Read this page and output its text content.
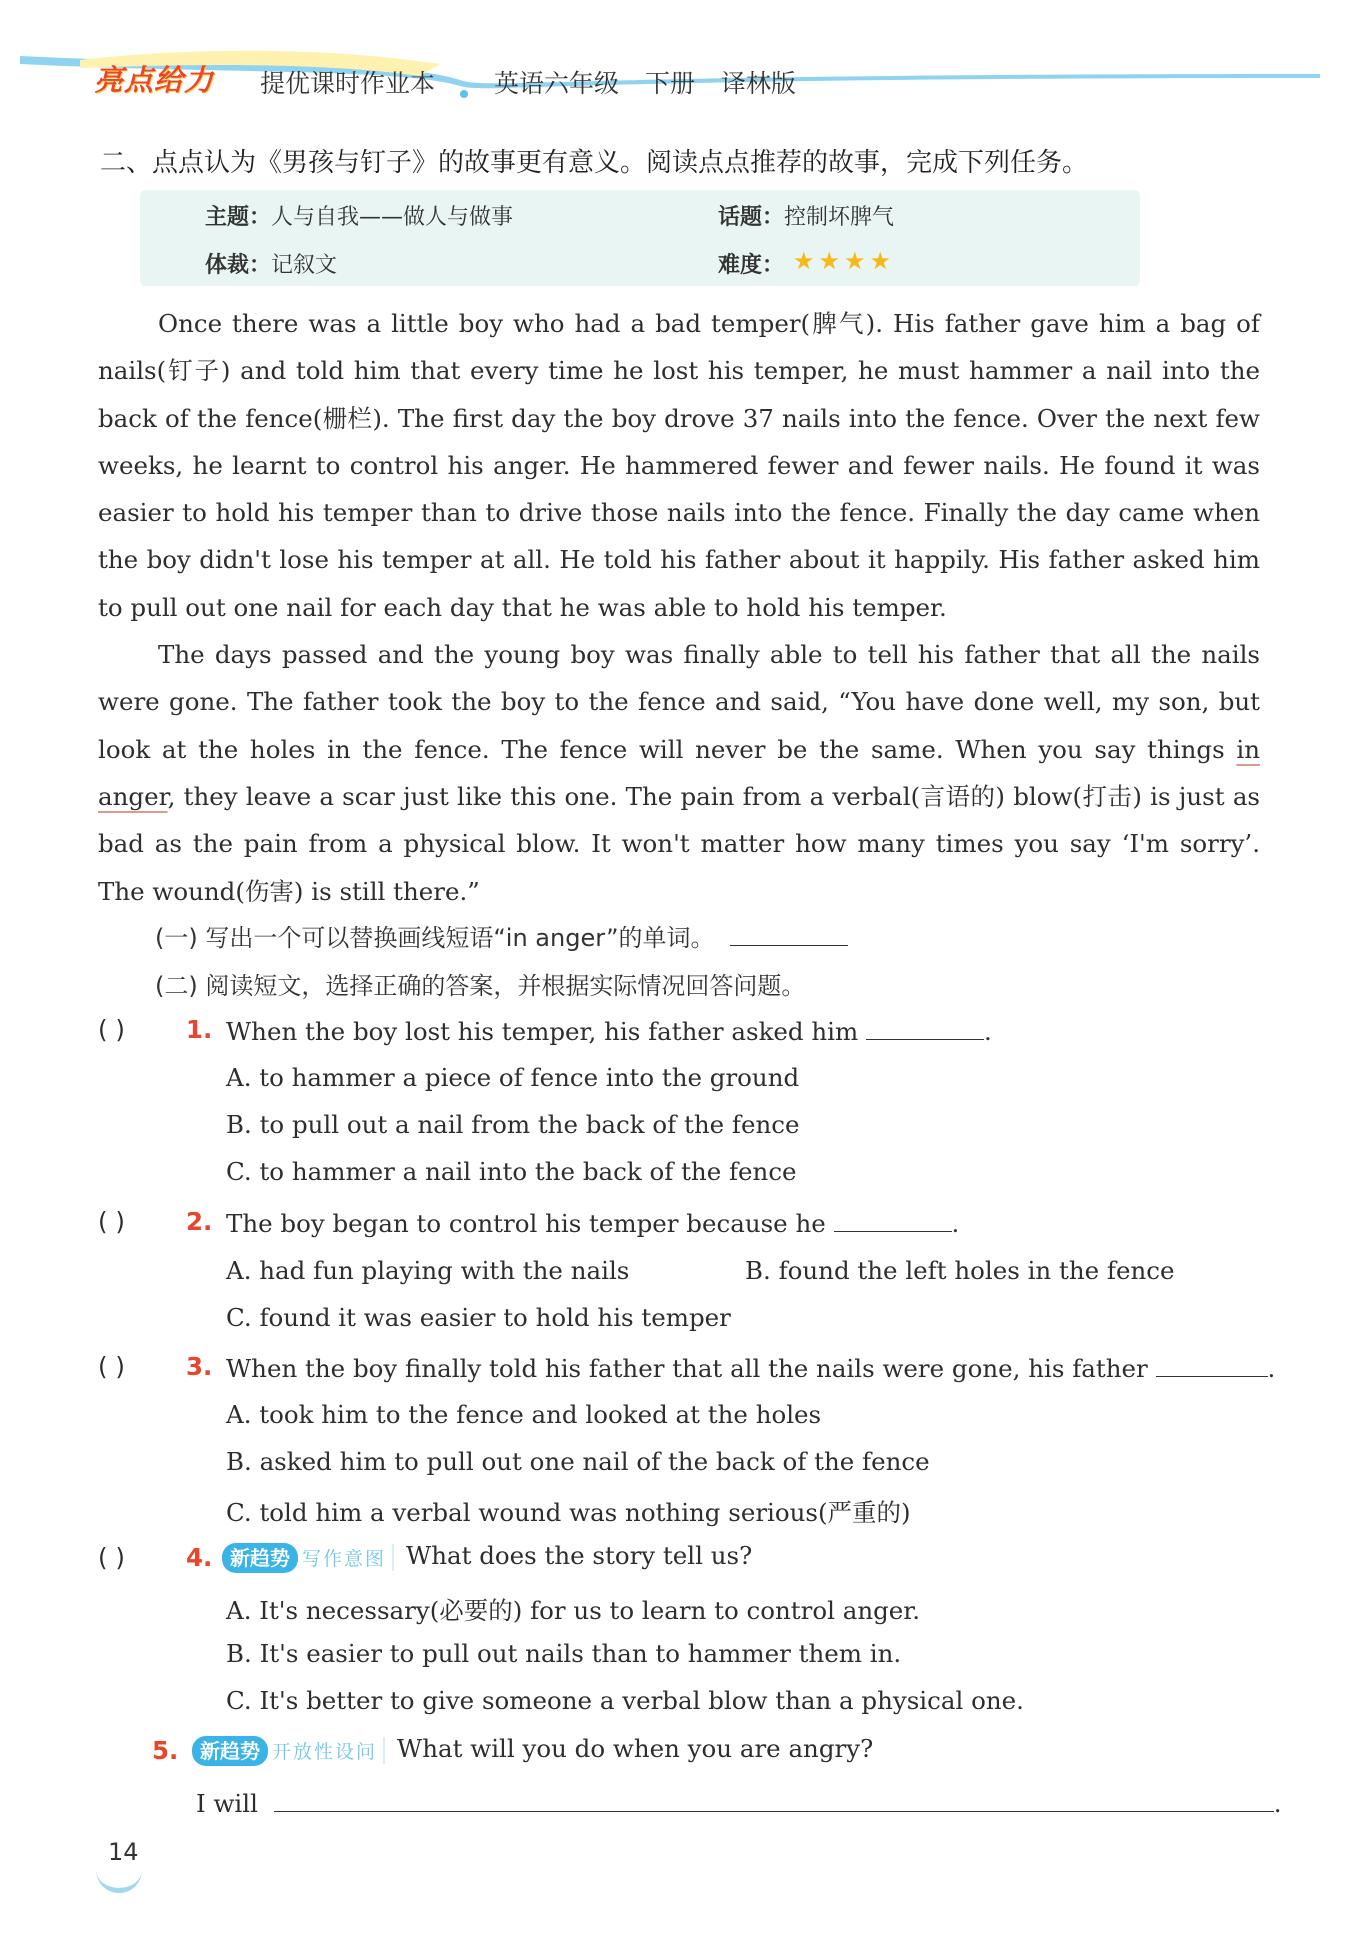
亮点给力 提优课时作业本 英语六年级 下册 译林版
二、点点认为《男孩与钉子》的故事更有意义。阅读点点推荐的故事，完成下列任务。
主题：人与自我——做人与做事	话题：控制坏脾气
体裁：记叙文	难度： ★★★★

Once there was a little boy who had a bad temper(脾气). His father gave him a bag of nails(钉子) and told him that every time he lost his temper, he must hammer a nail into the back of the fence(栅栏). The first day the boy drove 37 nails into the fence. Over the next few weeks, he learnt to control his anger. He hammered fewer and fewer nails. He found it was easier to hold his temper than to drive those nails into the fence. Finally the day came when the boy didn't lose his temper at all. He told his father about it happily. His father asked him to pull out one nail for each day that he was able to hold his temper.

The days passed and the young boy was finally able to tell his father that all the nails were gone. The father took the boy to the fence and said, “You have done well, my son, but look at the holes in the fence. The fence will never be the same. When you say things in anger, they leave a scar just like this one. The pain from a verbal(言语的) blow(打击) is just as bad as the pain from a physical blow. It won't matter how many times you say ‘I'm sorry’. The wound(伤害) is still there.”

(一) 写出一个可以替换画线短语“in anger”的单词。
(二) 阅读短文，选择正确的答案，并根据实际情况回答问题。
( ) 1. When the boy lost his temper, his father asked him	.
A. to hammer a piece of fence into the ground
B. to pull out a nail from the back of the fence
C. to hammer a nail into the back of the fence
( ) 2. The boy began to control his temper because he	.
A. had fun playing with the nails	B. found the left holes in the fence
C. found it was easier to hold his temper
( ) 3. When the boy finally told his father that all the nails were gone, his father	.
A. took him to the fence and looked at the holes
B. asked him to pull out one nail of the back of the fence
C. told him a verbal wound was nothing serious(严重的)
( ) 4. 新趋势 写作意图 What does the story tell us?
A. It's necessary(必要的) for us to learn to control anger.
B. It's easier to pull out nails than to hammer them in.
C. It's better to give someone a verbal blow than a physical one.
5.	新趋势 开放性设问 What will you do when you are angry?
I will	.
14
